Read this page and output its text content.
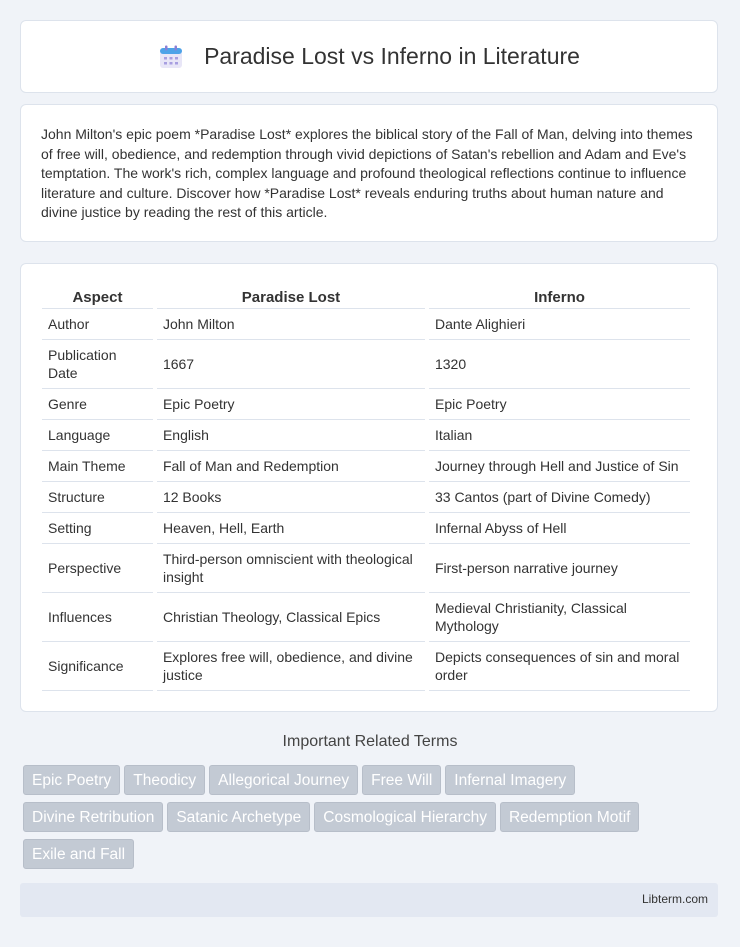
Paradise Lost vs Inferno in Literature

John Milton's epic poem *Paradise Lost* explores the biblical story of the Fall of Man, delving into themes of free will, obedience, and redemption through vivid depictions of Satan's rebellion and Adam and Eve's temptation. The work's rich, complex language and profound theological reflections continue to influence literature and culture. Discover how *Paradise Lost* reveals enduring truths about human nature and divine justice by reading the rest of this article.

Aspect	Paradise Lost	Inferno
Author	John Milton	Dante Alighieri
Publication Date	1667	1320
Genre	Epic Poetry	Epic Poetry
Language	English	Italian
Main Theme	Fall of Man and Redemption	Journey through Hell and Justice of Sin
Structure	12 Books	33 Cantos (part of Divine Comedy)
Setting	Heaven, Hell, Earth	Infernal Abyss of Hell
Perspective	Third-person omniscient with theological insight	First-person narrative journey
Influences	Christian Theology, Classical Epics	Medieval Christianity, Classical Mythology
Significance	Explores free will, obedience, and divine justice	Depicts consequences of sin and moral order
Important Related Terms
Epic Poetry Theodicy Allegorical Journey Free Will Infernal Imagery
Divine Retribution Satanic Archetype Cosmological Hierarchy Redemption Motif
Exile and Fall
Libterm.com
